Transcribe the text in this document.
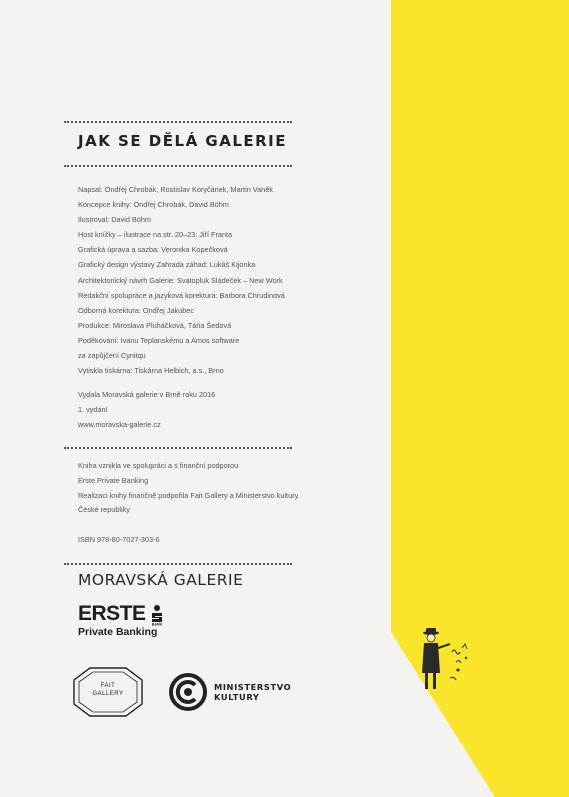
JAK SE DĚLÁ GALERIE
Napsal: Ondřej Chrobák, Rostislav Koryčánek, Martin Vaněk
Koncepce knihy: Ondřej Chrobák, David Böhm
Ilustroval: David Böhm
Host knížky – ilustrace na str. 20–23: Jiří Franta
Grafická úprava a sazba: Veronika Kopečková
Grafický design výstavy Zahrada záhad: Lukáš Kijonka
Architektonický návrh Galerie: Svatopluk Sládeček – New Work
Redakční spolupráce a jazyková korektura: Barbora Chrudinová
Odborná korektura: Ondřej Jakubec
Produkce: Miroslava Pluháčková, Táňa Šedová
Poděkování: Ivanu Teplanskému a Amos software
za zapůjčení Cynitqu
Vytiskla tiskárna: Tiskárna Helbich, a.s., Brno
Vydala Moravská galerie v Brně roku 2016
1. vydání
www.moravska-galerie.cz
Kniha vznikla ve spolupráci a s finanční podporou
Erste Private Banking
Realizaci knihy finančně podpořila Fait Gallery a Ministerstvo kultury
České republiky
ISBN 978-80-7027-303-6
MORAVSKÁ GALERIE
ERSTE BANK
Private Banking
FAIT
GALLERY
MINISTERSTVO
KULTURY
